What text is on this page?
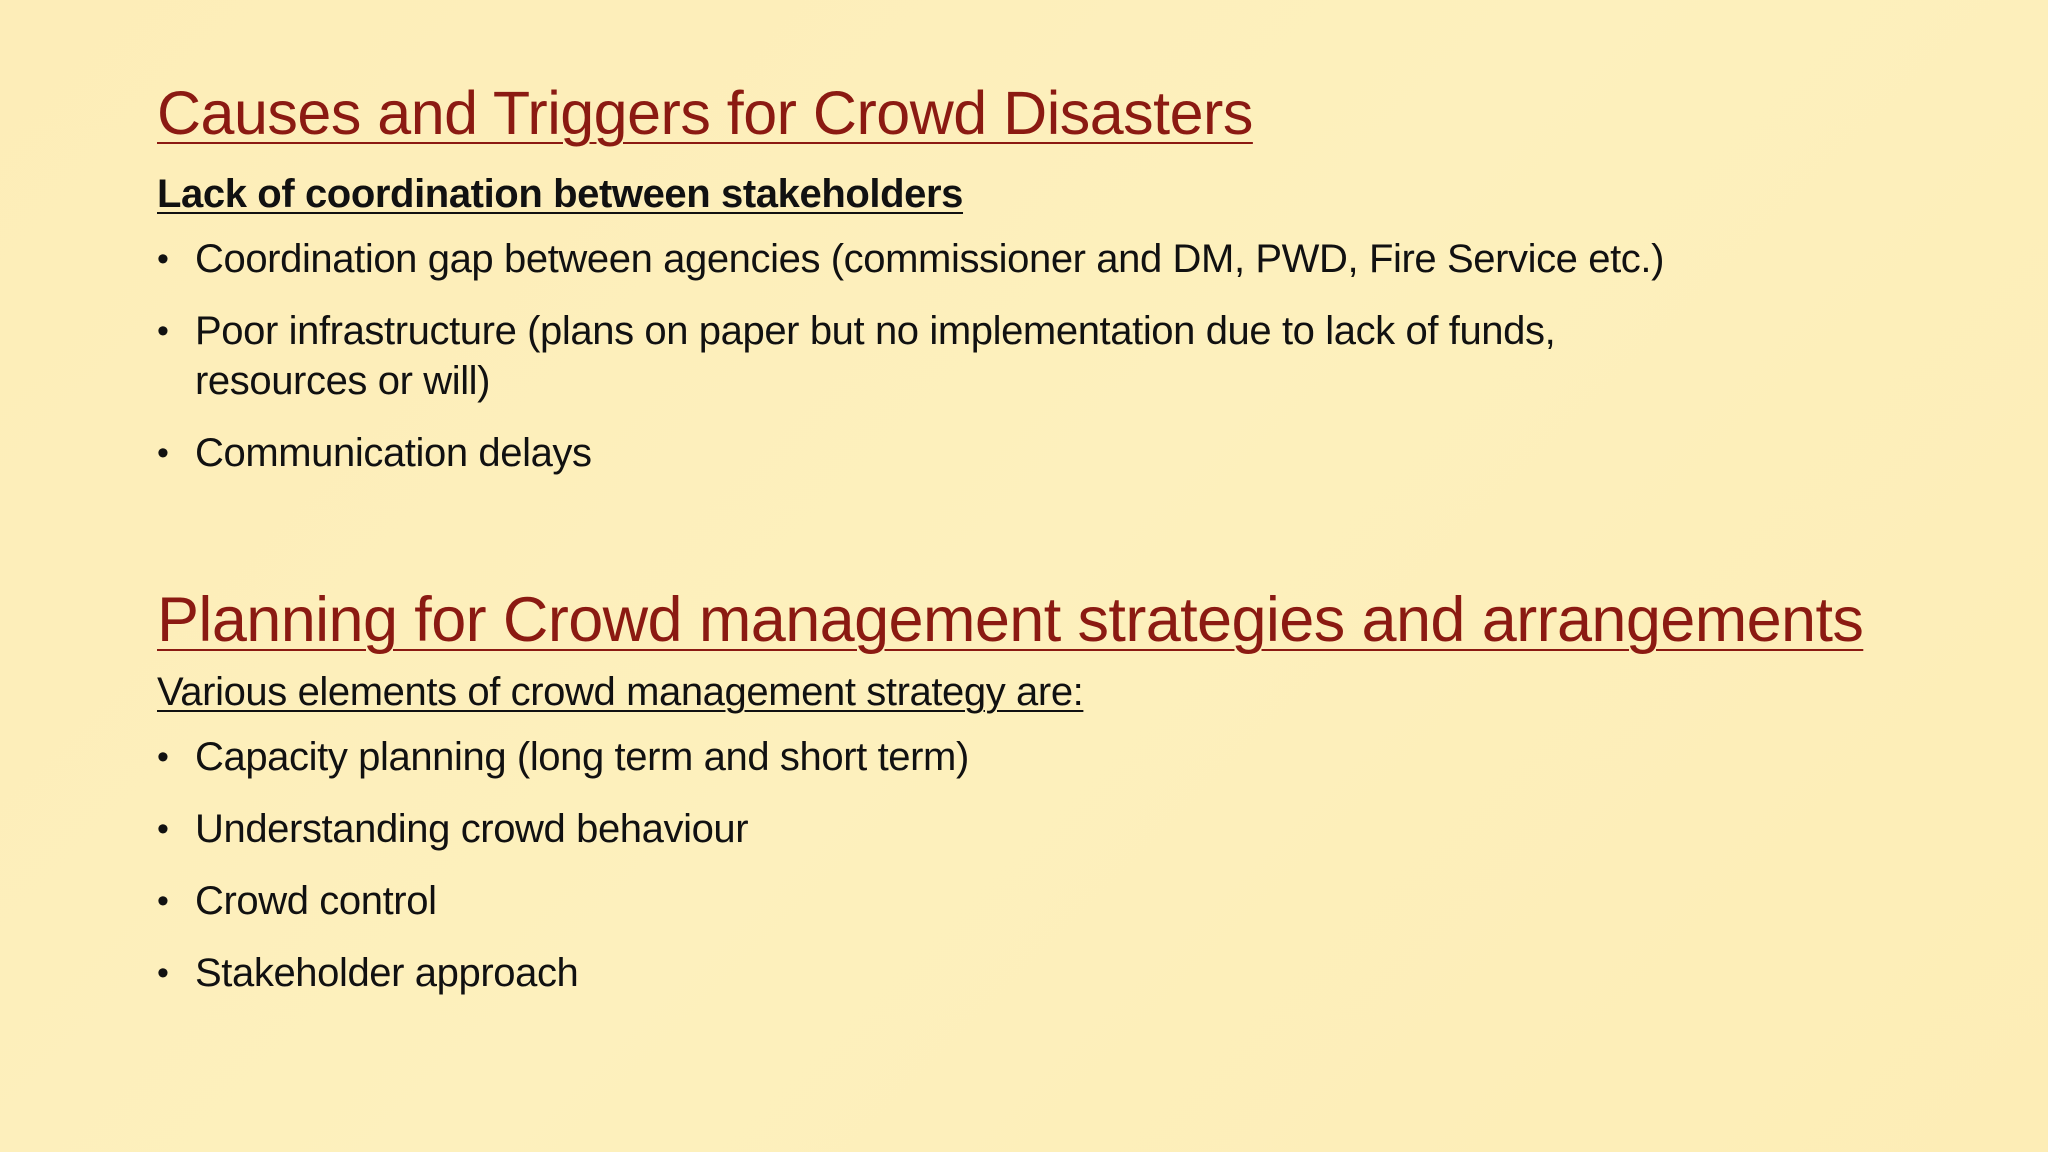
Causes and Triggers for Crowd Disasters

Lack of coordination between stakeholders

• Coordination gap between agencies (commissioner and DM, PWD, Fire Service etc.)
• Poor infrastructure (plans on paper but no implementation due to lack of funds, resources or will)
• Communication delays
Planning for Crowd management strategies and arrangements

Various elements of crowd management strategy are:

• Capacity planning (long term and short term)
• Understanding crowd behaviour
• Crowd control
• Stakeholder approach
